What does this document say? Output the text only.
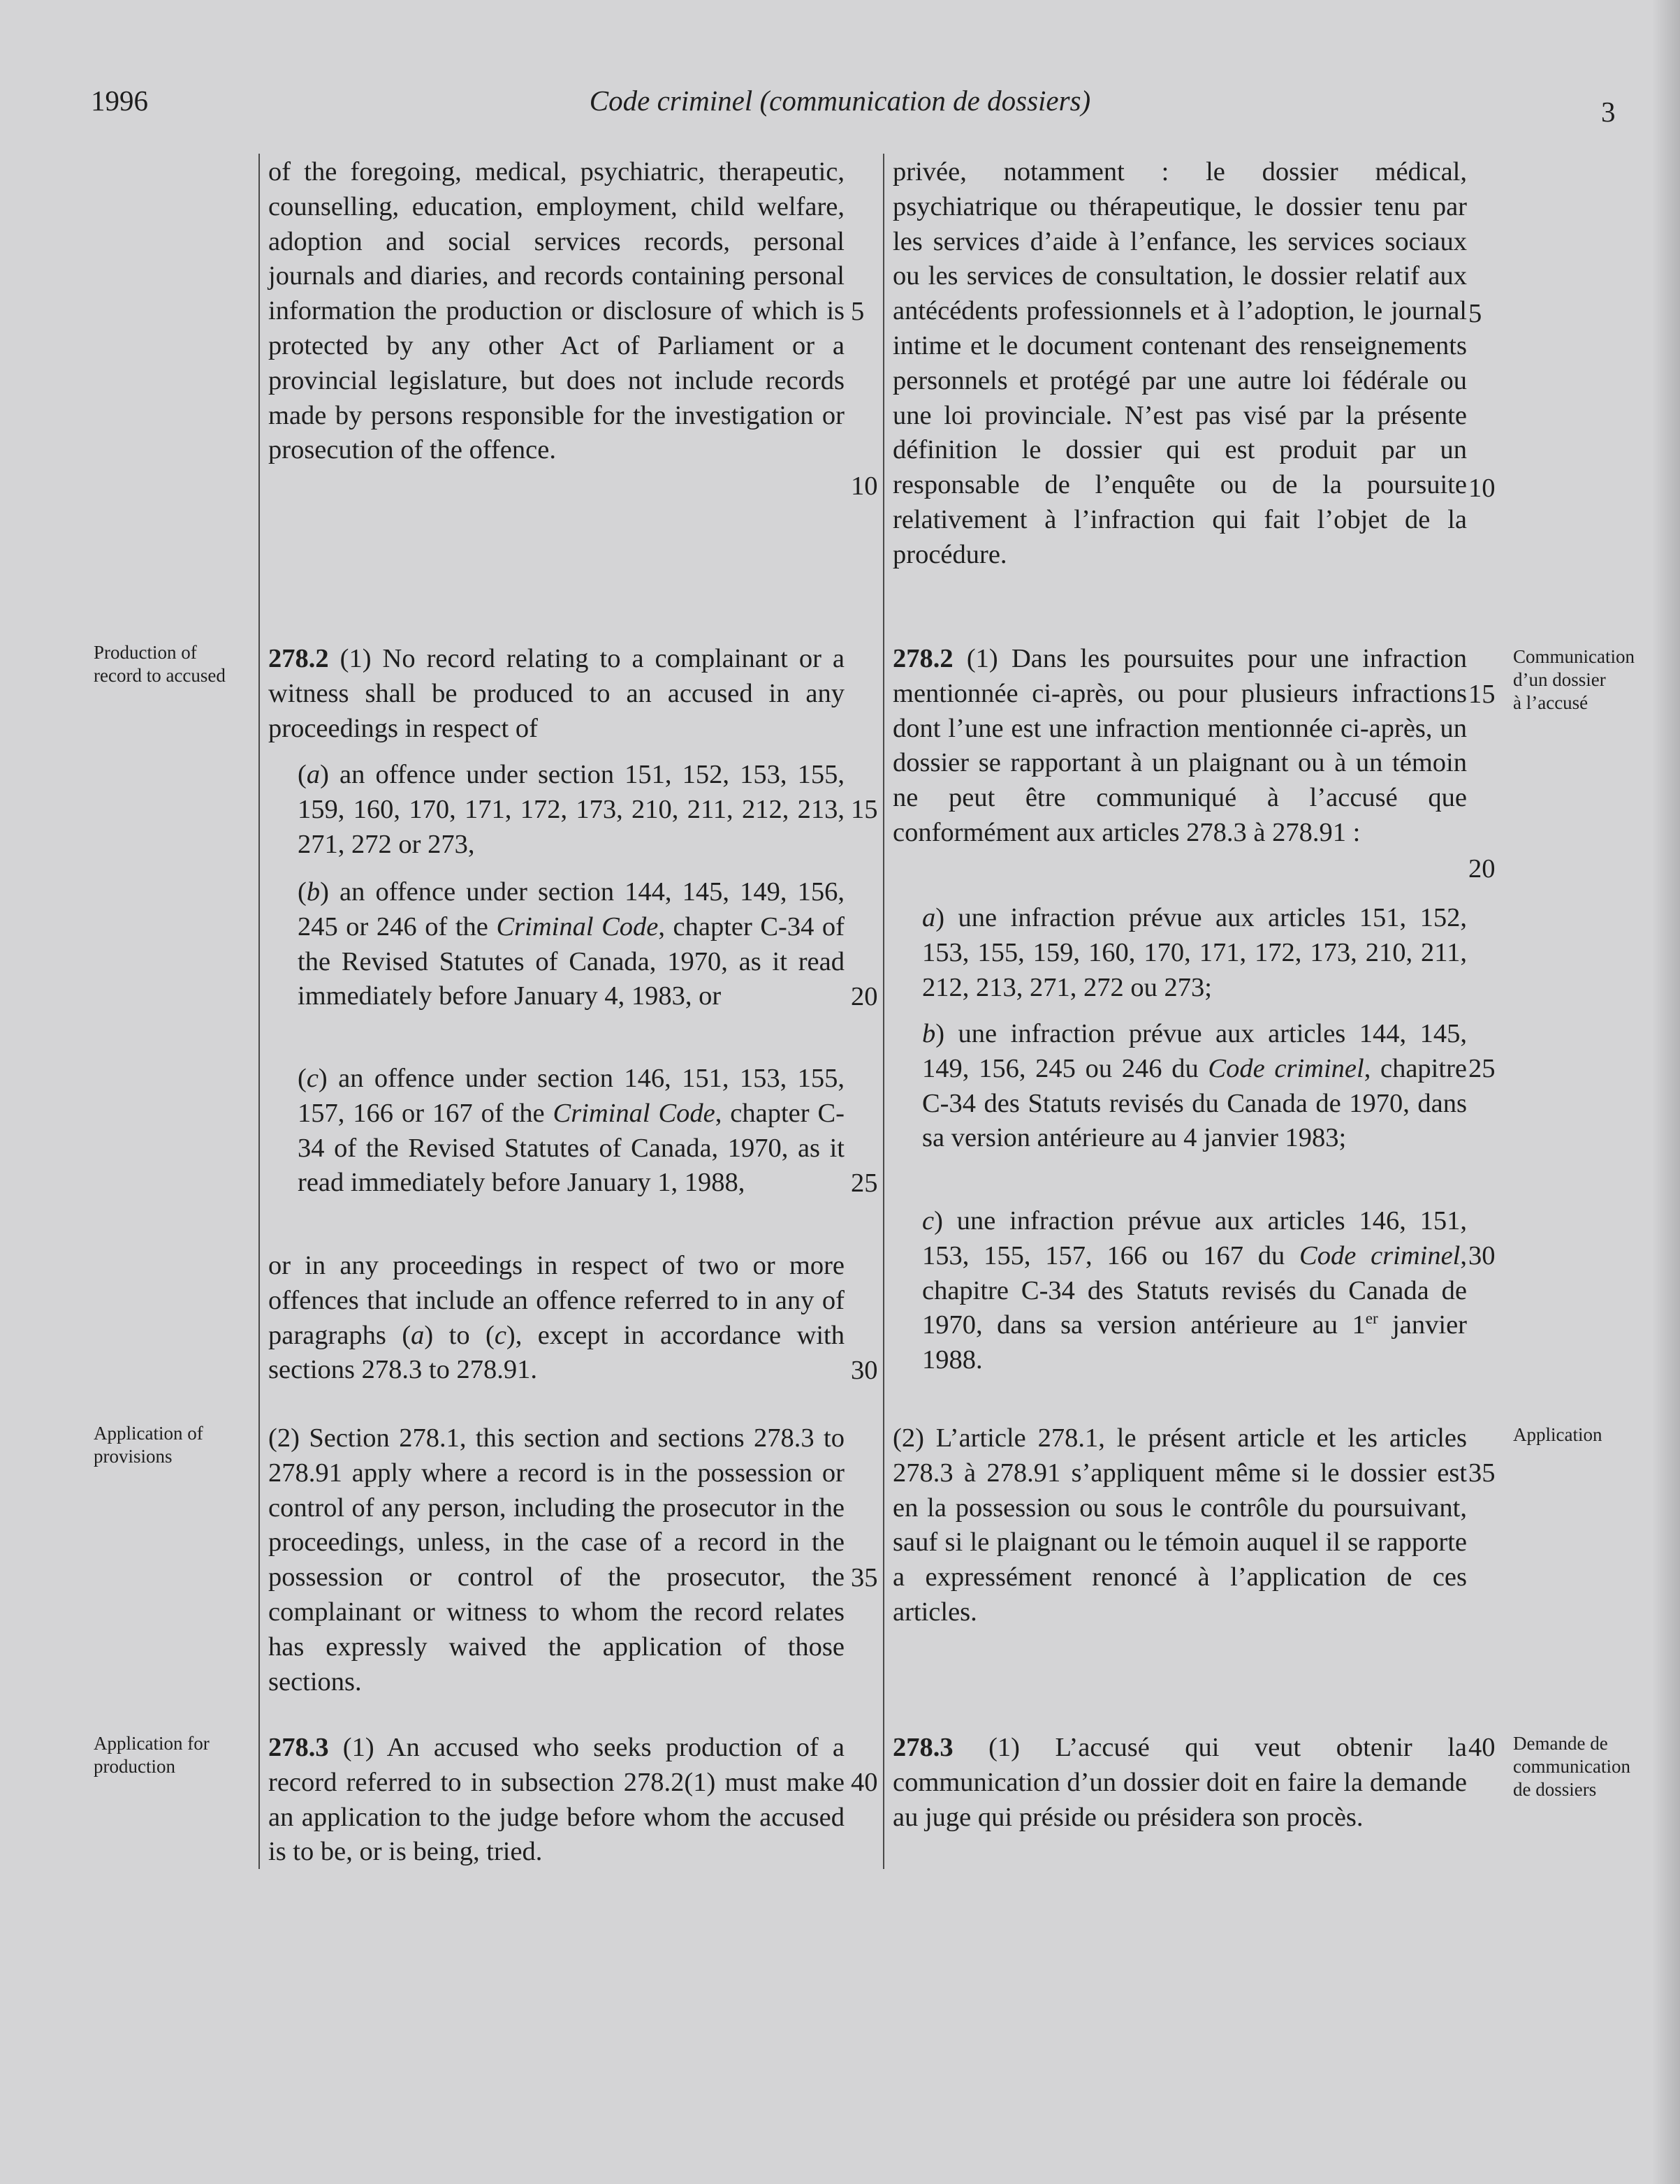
1996	Code criminel (communication de dossiers)	3
Production of record to accused
Application of provisions
Application for production
Communication d’un dossier à l’accusé
Application
Demande de communication de dossiers
of the foregoing, medical, psychiatric, therapeutic, counselling, education, employment, child welfare, adoption and social services records, personal journals and diaries, and records containing personal information the production or disclosure of which is protected by any other Act of Parliament or a provincial legislature, but does not include records made by persons responsible for the investigation or prosecution of the offence.
278.2 (1) No record relating to a complainant or a witness shall be produced to an accused in any proceedings in respect of
(a) an offence under section 151, 152, 153, 155, 159, 160, 170, 171, 172, 173, 210, 211, 212, 213, 271, 272 or 273,
(b) an offence under section 144, 145, 149, 156, 245 or 246 of the Criminal Code, chapter C-34 of the Revised Statutes of Canada, 1970, as it read immediately before January 4, 1983, or
(c) an offence under section 146, 151, 153, 155, 157, 166 or 167 of the Criminal Code, chapter C-34 of the Revised Statutes of Canada, 1970, as it read immediately before January 1, 1988,
or in any proceedings in respect of two or more offences that include an offence referred to in any of paragraphs (a) to (c), except in accordance with sections 278.3 to 278.91.
(2) Section 278.1, this section and sections 278.3 to 278.91 apply where a record is in the possession or control of any person, including the prosecutor in the proceedings, unless, in the case of a record in the possession or control of the prosecutor, the complainant or witness to whom the record relates has expressly waived the application of those sections.
278.3 (1) An accused who seeks production of a record referred to in subsection 278.2(1) must make an application to the judge before whom the accused is to be, or is being, tried.
privée, notamment : le dossier médical, psychiatrique ou thérapeutique, le dossier tenu par les services d’aide à l’enfance, les services sociaux ou les services de consultation, le dossier relatif aux antécédents professionnels et à l’adoption, le journal intime et le document contenant des renseignements personnels et protégé par une autre loi fédérale ou une loi provinciale. N’est pas visé par la présente définition le dossier qui est produit par un responsable de l’enquête ou de la poursuite relativement à l’infraction qui fait l’objet de la procédure.
278.2 (1) Dans les poursuites pour une infraction mentionnée ci-après, ou pour plusieurs infractions dont l’une est une infraction mentionnée ci-après, un dossier se rapportant à un plaignant ou à un témoin ne peut être communiqué à l’accusé que conformément aux articles 278.3 à 278.91 :
a) une infraction prévue aux articles 151, 152, 153, 155, 159, 160, 170, 171, 172, 173, 210, 211, 212, 213, 271, 272 ou 273;
b) une infraction prévue aux articles 144, 145, 149, 156, 245 ou 246 du Code criminel, chapitre C-34 des Statuts revisés du Canada de 1970, dans sa version antérieure au 4 janvier 1983;
c) une infraction prévue aux articles 146, 151, 153, 155, 157, 166 ou 167 du Code criminel, chapitre C-34 des Statuts revisés du Canada de 1970, dans sa version antérieure au 1er janvier 1988.
(2) L’article 278.1, le présent article et les articles 278.3 à 278.91 s’appliquent même si le dossier est en la possession ou sous le contrôle du poursuivant, sauf si le plaignant ou le témoin auquel il se rapporte a expressément renoncé à l’application de ces articles.
278.3 (1) L’accusé qui veut obtenir la communication d’un dossier doit en faire la demande au juge qui préside ou présidera son procès.
5
10
15
20
25
30
35
40
5
10
15
20
25
30
35
40
